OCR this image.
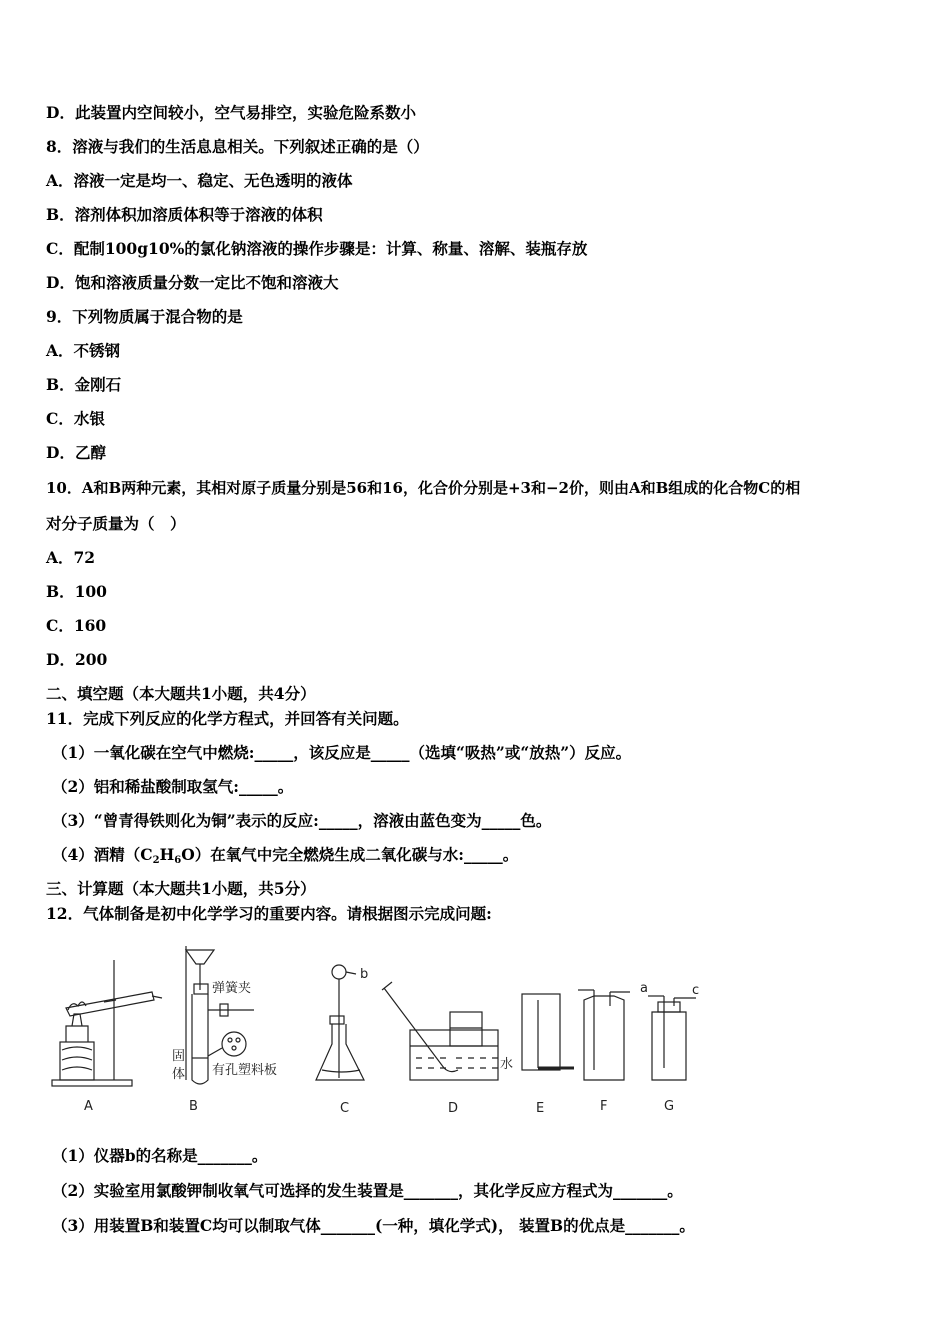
D．此装置内空间较小，空气易排空，实验危险系数小
8．溶液与我们的生活息息相关。下列叙述正确的是（）
A．溶液一定是均一、稳定、无色透明的液体
B．溶剂体积加溶质体积等于溶液的体积
C．配制100g10%的氯化钠溶液的操作步骤是：计算、称量、溶解、装瓶存放
D．饱和溶液质量分数一定比不饱和溶液大
9．下列物质属于混合物的是
A．不锈钢
B．金刚石
C．水银
D．乙醇
10．A和B两种元素，其相对原子质量分别是56和16，化合价分别是+3和−2价，则由A和B组成的化合物C的相
对分子质量为（　）
A．72
B．100
C．160
D．200
二、填空题（本大题共1小题，共4分）
11．完成下列反应的化学方程式，并回答有关问题。
（1）一氧化碳在空气中燃烧:_____，该反应是_____（选填“吸热”或“放热”）反应。
（2）铝和稀盐酸制取氢气:_____。
（3）“曾青得铁则化为铜”表示的反应:_____，溶液由蓝色变为_____色。
（4）酒精$(C_2H_6O)$在氧气中完全燃烧生成二氧化碳与水:_____。
三、计算题（本大题共1小题，共5分）
12．气体制备是初中化学学习的重要内容。请根据图示完成问题:
A	B	C	D	E	F	G
弹簧夹
有孔塑料板
固
体
水
b
a	c
（1）仪器b的名称是_______。
（2）实验室用氯酸钾制收氧气可选择的发生装置是_______，其化学反应方程式为_______。
（3）用装置B和装置C均可以制取气体_______(一种，填化学式)， 装置B的优点是_______。
